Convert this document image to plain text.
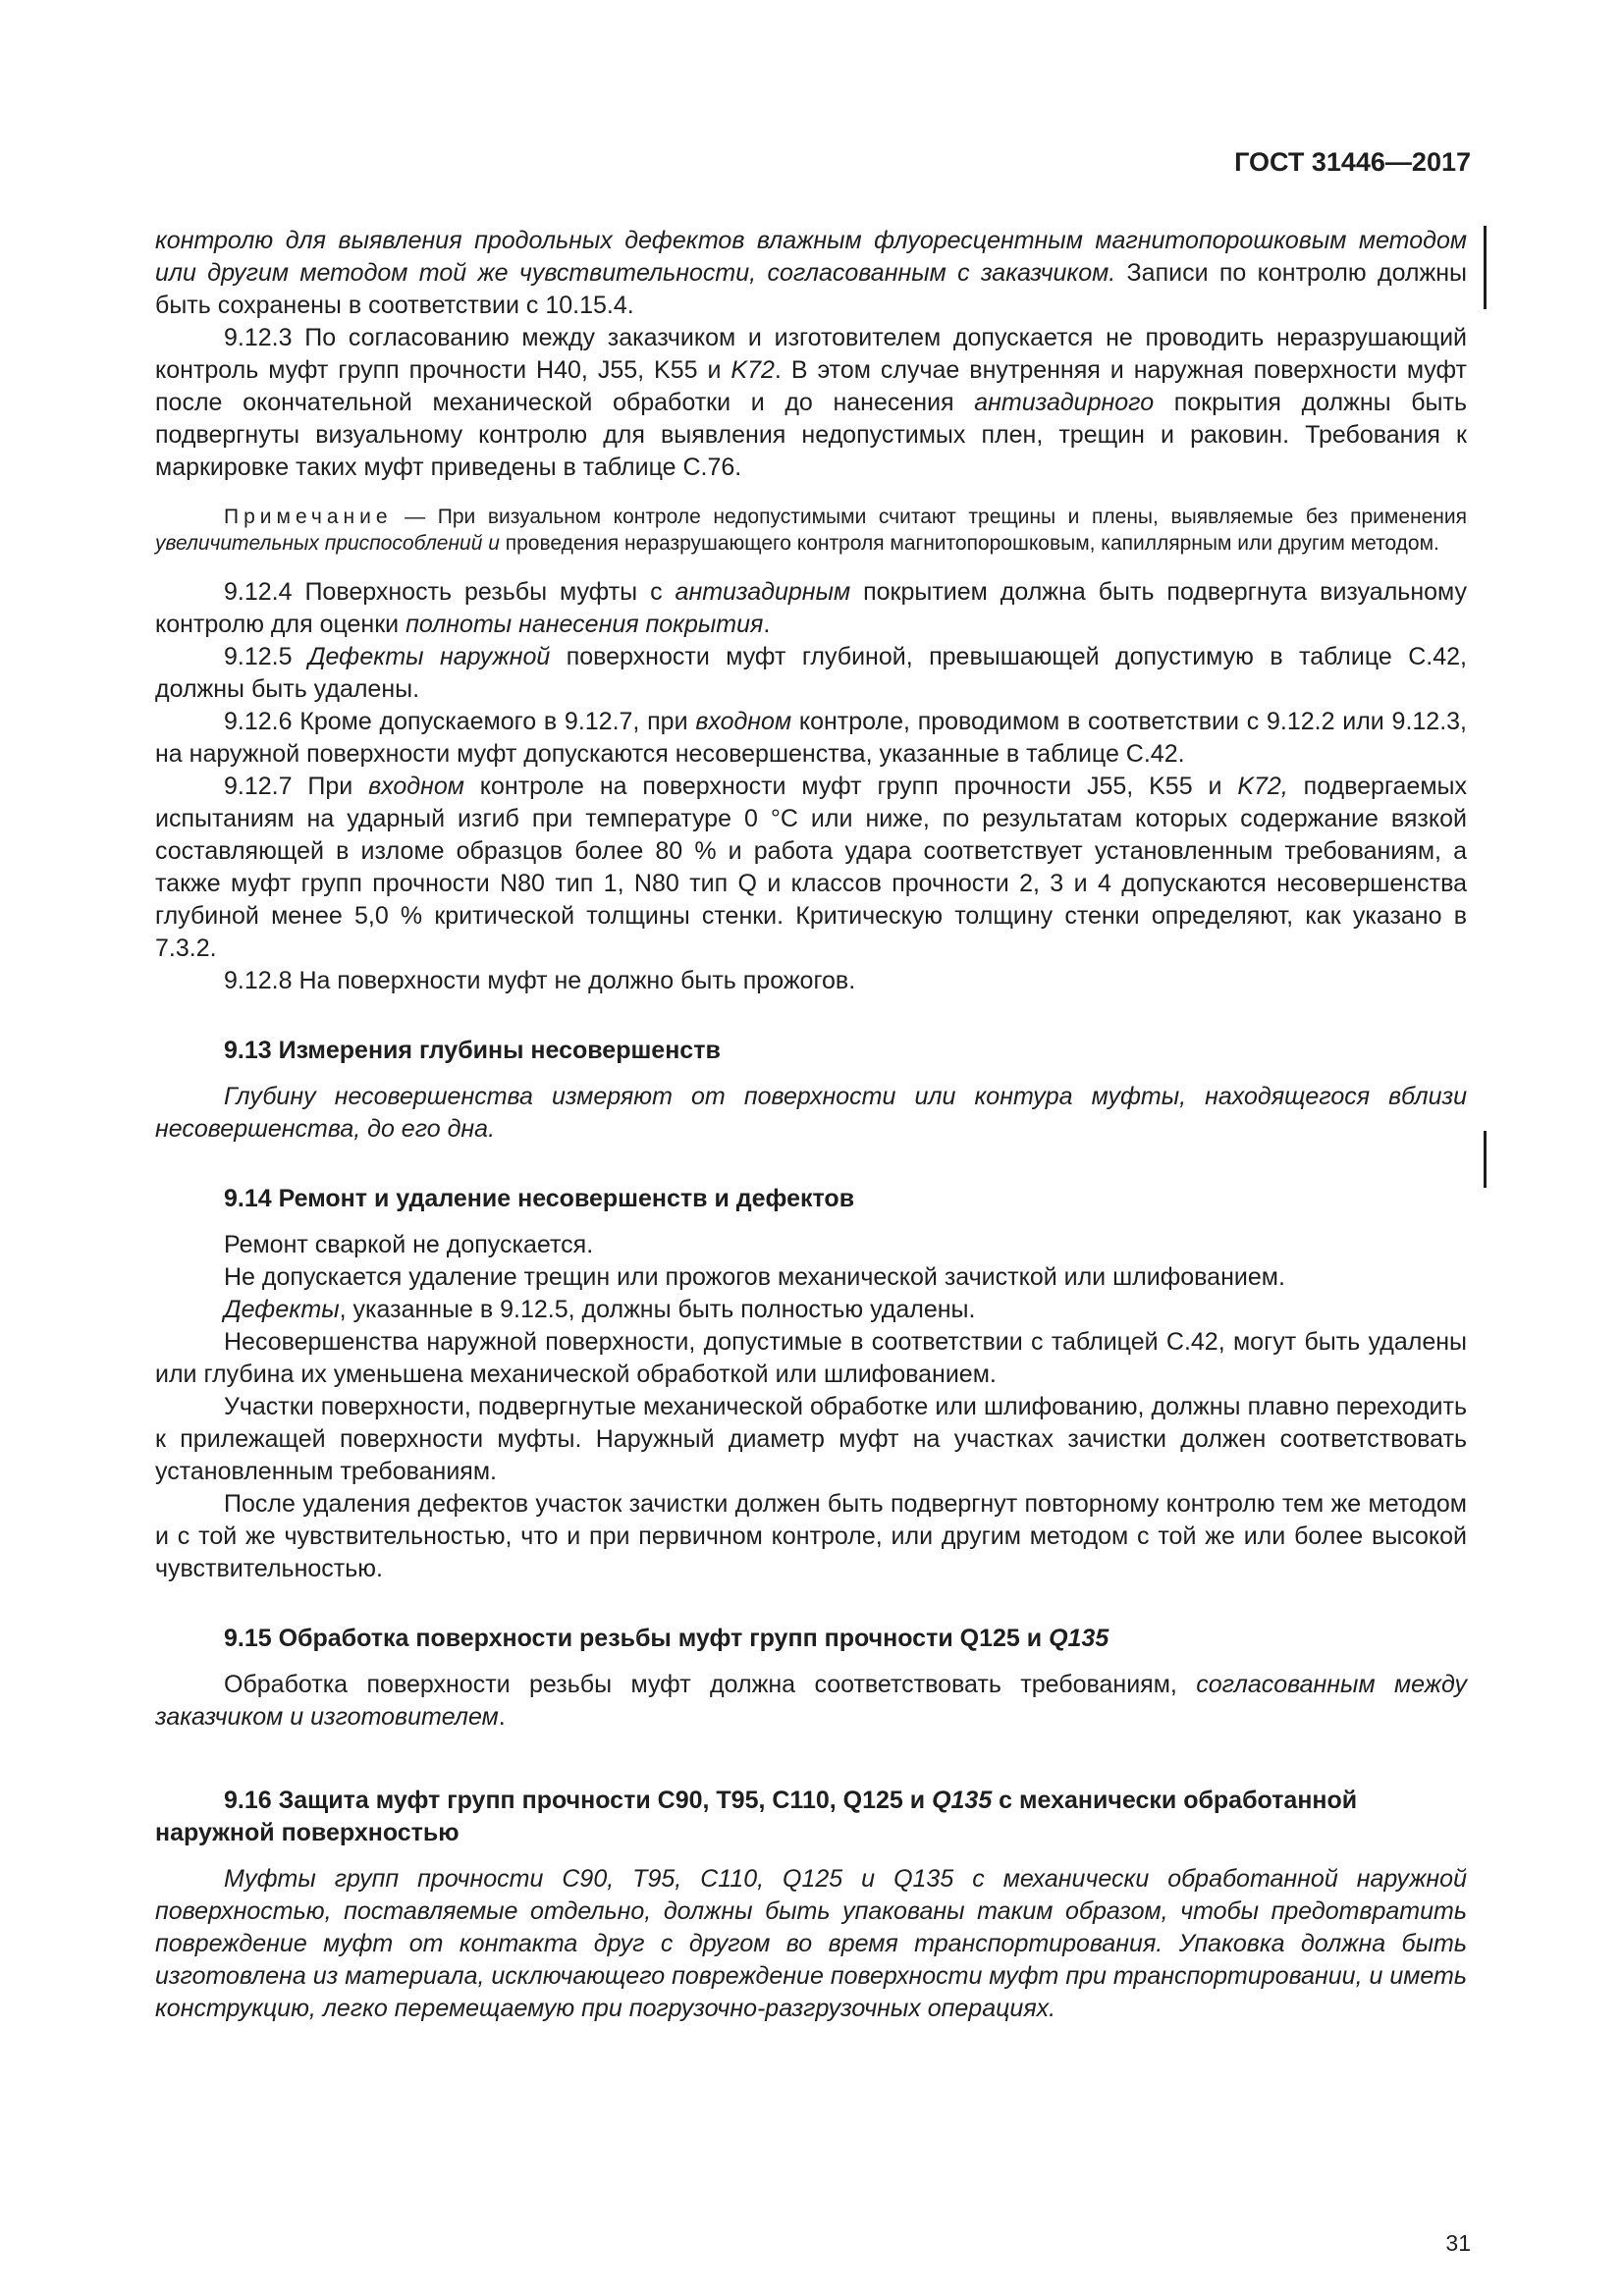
ГОСТ 31446—2017

контролю для выявления продольных дефектов влажным флуоресцентным магнитопорошковым методом или другим методом той же чувствительности, согласованным с заказчиком. Записи по контролю должны быть сохранены в соответствии с 10.15.4.

9.12.3 По согласованию между заказчиком и изготовителем допускается не проводить неразрушающий контроль муфт групп прочности Н40, J55, K55 и K72. В этом случае внутренняя и наружная поверхности муфт после окончательной механической обработки и до нанесения антизадирного покрытия должны быть подвергнуты визуальному контролю для выявления недопустимых плен, трещин и раковин. Требования к маркировке таких муфт приведены в таблице С.76.

Примечание — При визуальном контроле недопустимыми считают трещины и плены, выявляемые без применения увеличительных приспособлений и проведения неразрушающего контроля магнитопорошковым, капиллярным или другим методом.

9.12.4 Поверхность резьбы муфты с антизадирным покрытием должна быть подвергнута визуальному контролю для оценки полноты нанесения покрытия.

9.12.5 Дефекты наружной поверхности муфт глубиной, превышающей допустимую в таблице С.42, должны быть удалены.

9.12.6 Кроме допускаемого в 9.12.7, при входном контроле, проводимом в соответствии с 9.12.2 или 9.12.3, на наружной поверхности муфт допускаются несовершенства, указанные в таблице С.42.

9.12.7 При входном контроле на поверхности муфт групп прочности J55, K55 и K72, подвергаемых испытаниям на ударный изгиб при температуре 0 °С или ниже, по результатам которых содержание вязкой составляющей в изломе образцов более 80 % и работа удара соответствует установленным требованиям, а также муфт групп прочности N80 тип 1, N80 тип Q и классов прочности 2, 3 и 4 допускаются несовершенства глубиной менее 5,0 % критической толщины стенки. Критическую толщину стенки определяют, как указано в 7.3.2.

9.12.8 На поверхности муфт не должно быть прожогов.

9.13 Измерения глубины несовершенств

Глубину несовершенства измеряют от поверхности или контура муфты, находящегося вблизи несовершенства, до его дна.

9.14 Ремонт и удаление несовершенств и дефектов

Ремонт сваркой не допускается.

Не допускается удаление трещин или прожогов механической зачисткой или шлифованием.

Дефекты, указанные в 9.12.5, должны быть полностью удалены.

Несовершенства наружной поверхности, допустимые в соответствии с таблицей С.42, могут быть удалены или глубина их уменьшена механической обработкой или шлифованием.

Участки поверхности, подвергнутые механической обработке или шлифованию, должны плавно переходить к прилежащей поверхности муфты. Наружный диаметр муфт на участках зачистки должен соответствовать установленным требованиям.

После удаления дефектов участок зачистки должен быть подвергнут повторному контролю тем же методом и с той же чувствительностью, что и при первичном контроле, или другим методом с той же или более высокой чувствительностью.

9.15 Обработка поверхности резьбы муфт групп прочности Q125 и Q135

Обработка поверхности резьбы муфт должна соответствовать требованиям, согласованным между заказчиком и изготовителем.

9.16 Защита муфт групп прочности С90, Т95, С110, Q125 и Q135 с механически обработанной наружной поверхностью

Муфты групп прочности С90, Т95, С110, Q125 и Q135 с механически обработанной наружной поверхностью, поставляемые отдельно, должны быть упакованы таким образом, чтобы предотвратить повреждение муфт от контакта друг с другом во время транспортирования. Упаковка должна быть изготовлена из материала, исключающего повреждение поверхности муфт при транспортировании, и иметь конструкцию, легко перемещаемую при погрузочно-разгрузочных операциях.

31
